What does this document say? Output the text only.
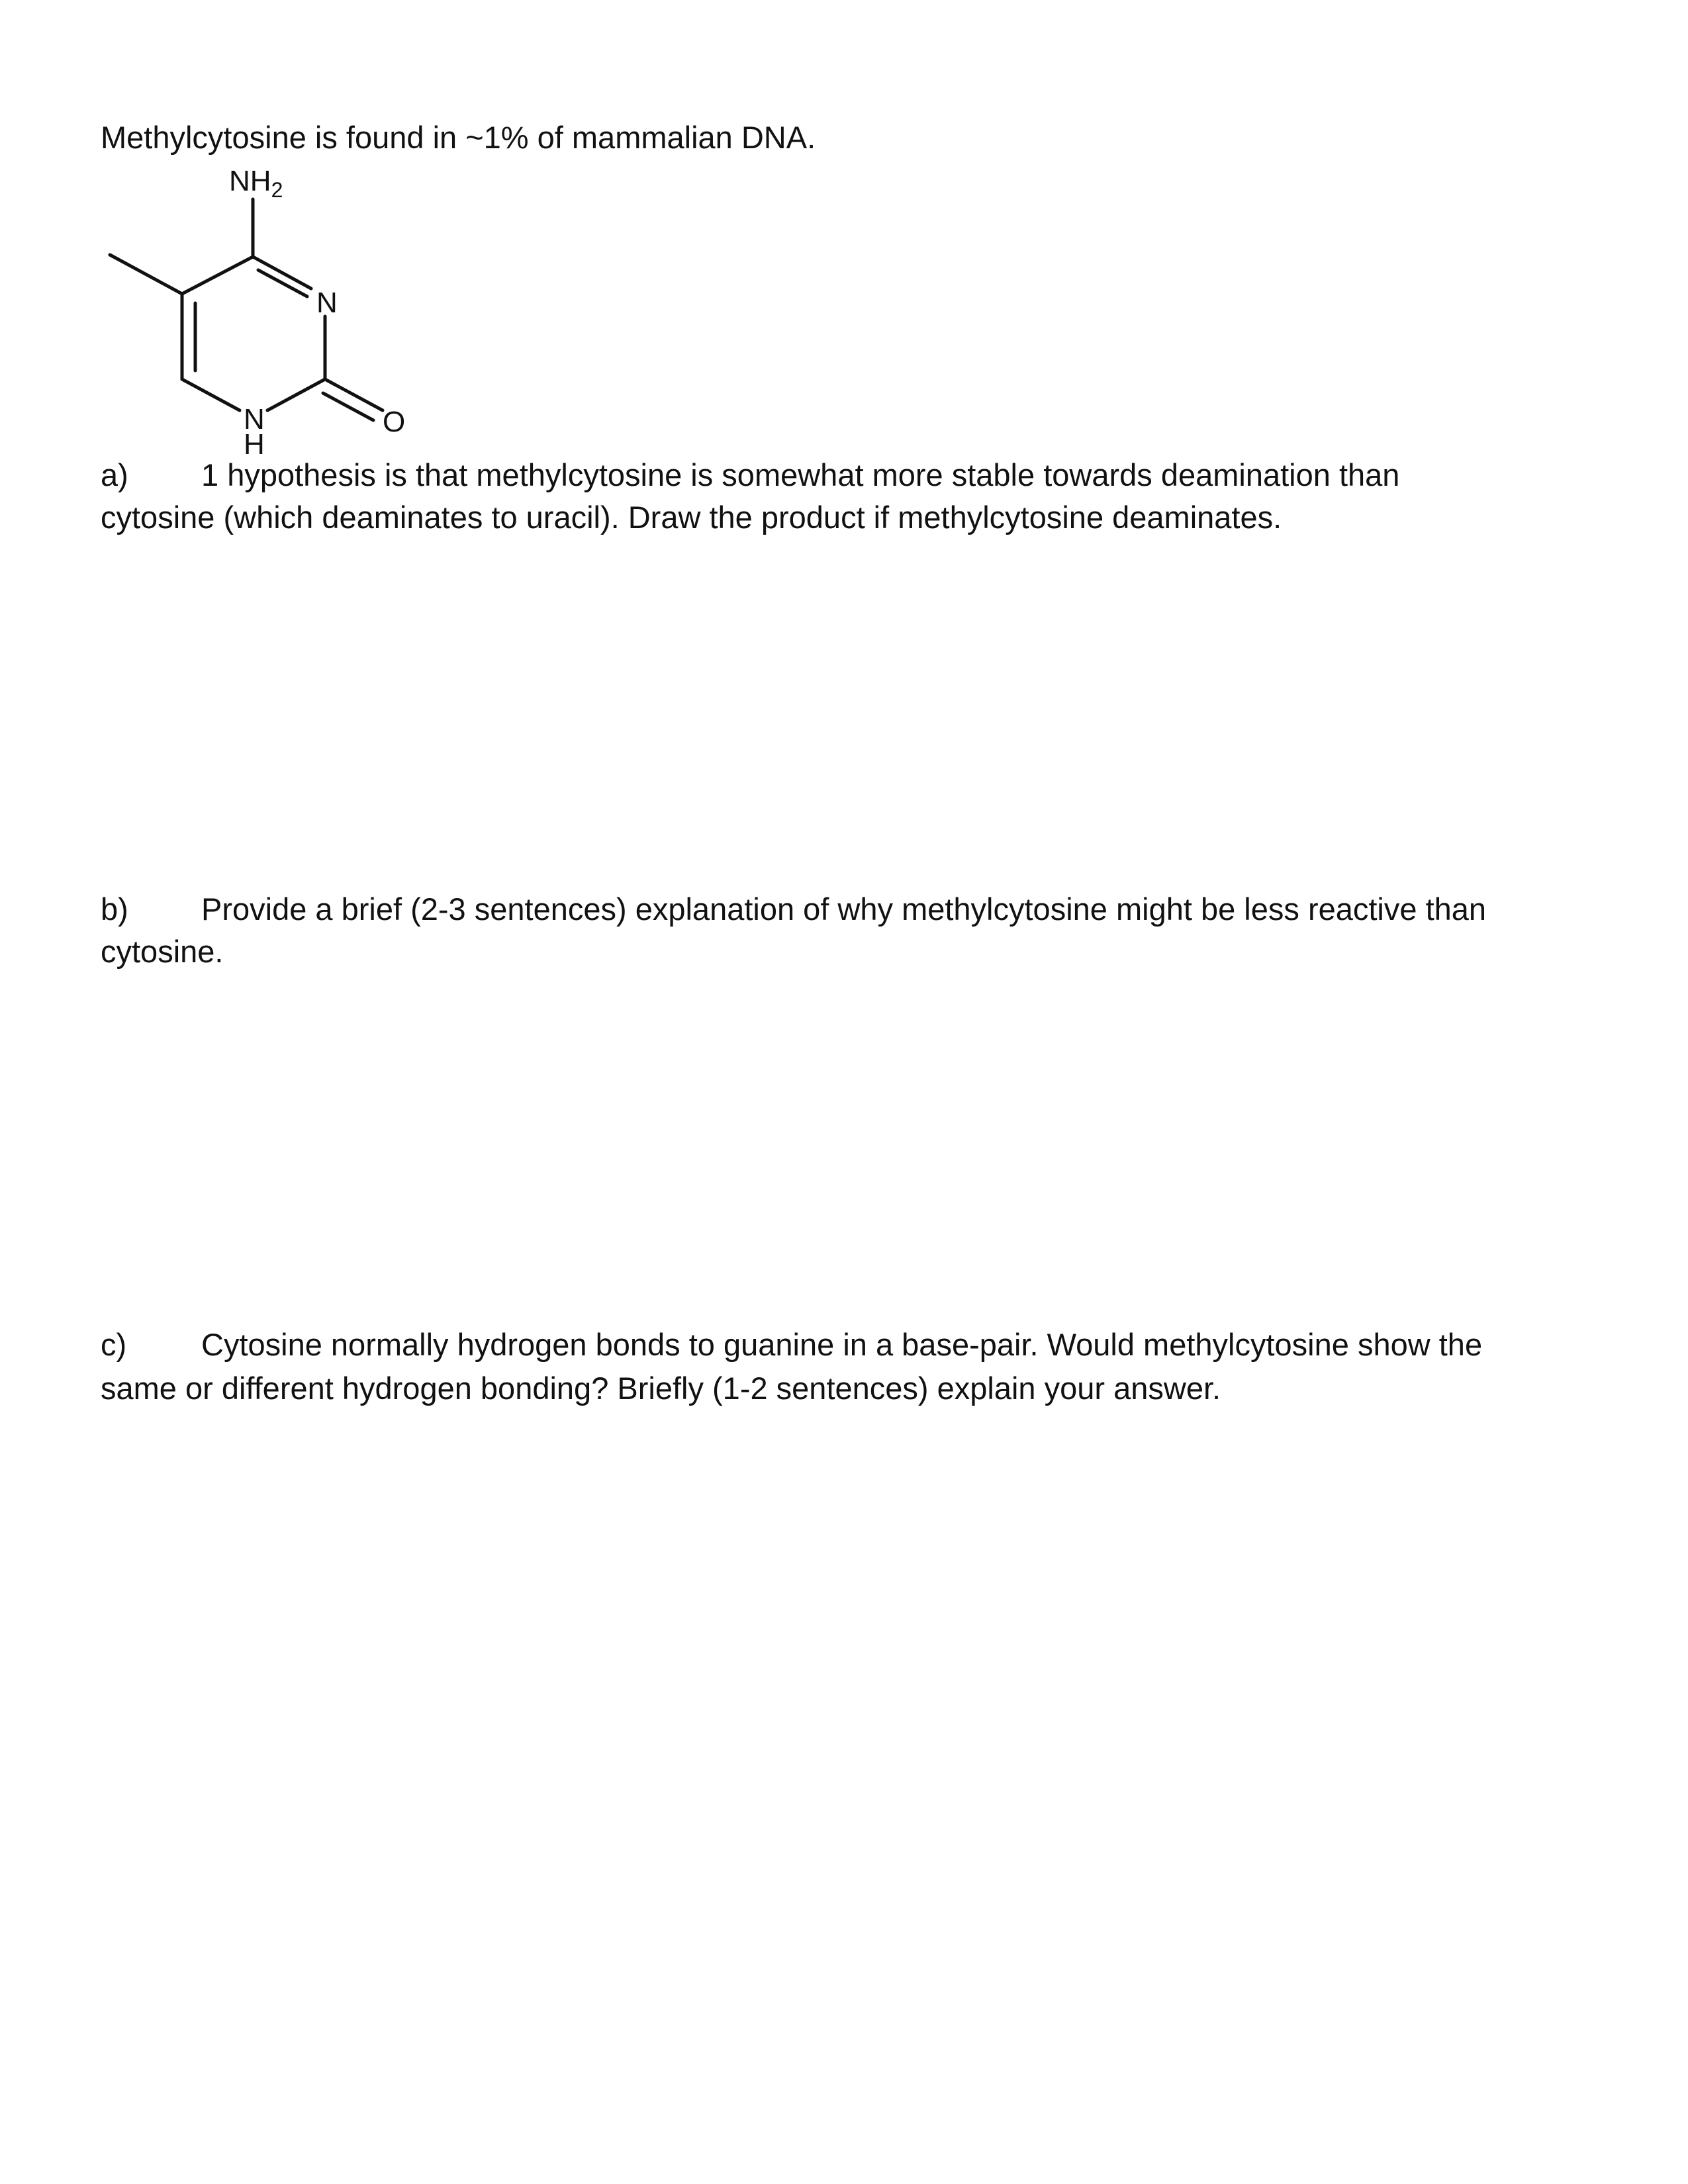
Methylcytosine is found in ~1% of mammalian DNA.
$NH_2$
N
N
H
O
a) 1 hypothesis is that methylcytosine is somewhat more stable towards deamination than
cytosine (which deaminates to uracil). Draw the product if methylcytosine deaminates.
b) Provide a brief (2-3 sentences) explanation of why methylcytosine might be less reactive than
cytosine.
c) Cytosine normally hydrogen bonds to guanine in a base-pair. Would methylcytosine show the
same or different hydrogen bonding? Briefly (1-2 sentences) explain your answer.
